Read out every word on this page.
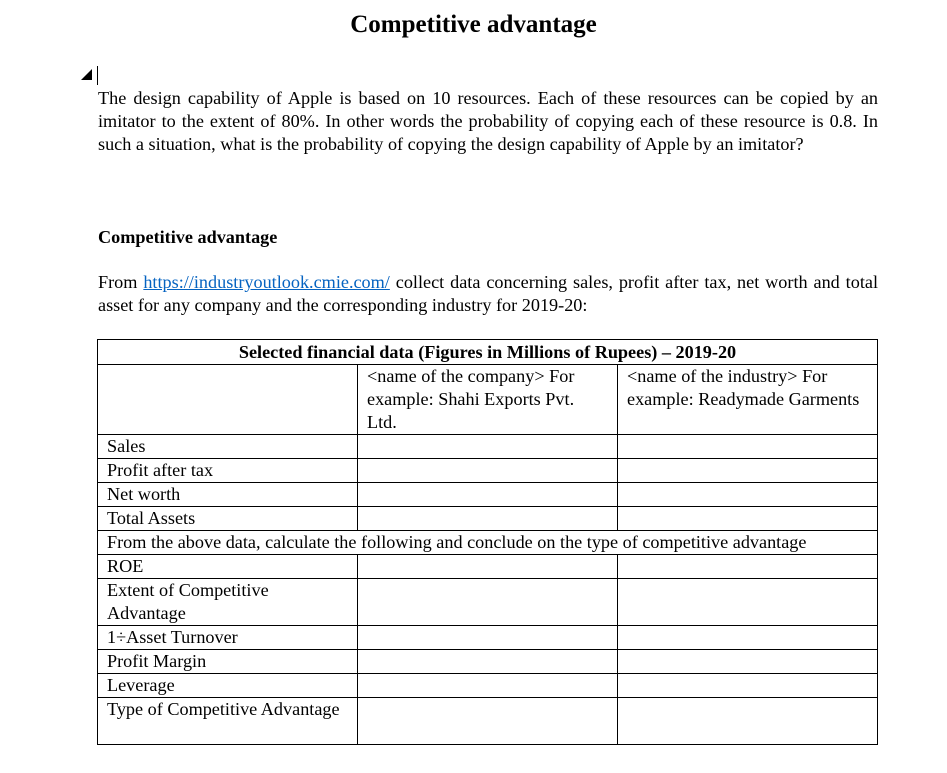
Competitive advantage
The design capability of Apple is based on 10 resources. Each of these resources can be copied by an imitator to the extent of 80%. In other words the probability of copying each of these resource is 0.8. In such a situation, what is the probability of copying the design capability of Apple by an imitator?
Competitive advantage
From https://industryoutlook.cmie.com/ collect data concerning sales, profit after tax, net worth and total asset for any company and the corresponding industry for 2019-20:
Selected financial data (Figures in Millions of Rupees) – 2019-20		
	<name of the company> For example: Shahi Exports Pvt. Ltd.	<name of the industry> For example: Readymade Garments
Sales		
Profit after tax		
Net worth		
Total Assets		
From the above data, calculate the following and conclude on the type of competitive advantage		
ROE		
Extent of Competitive Advantage		
1÷Asset Turnover		
Profit Margin		
Leverage		
Type of Competitive Advantage		
